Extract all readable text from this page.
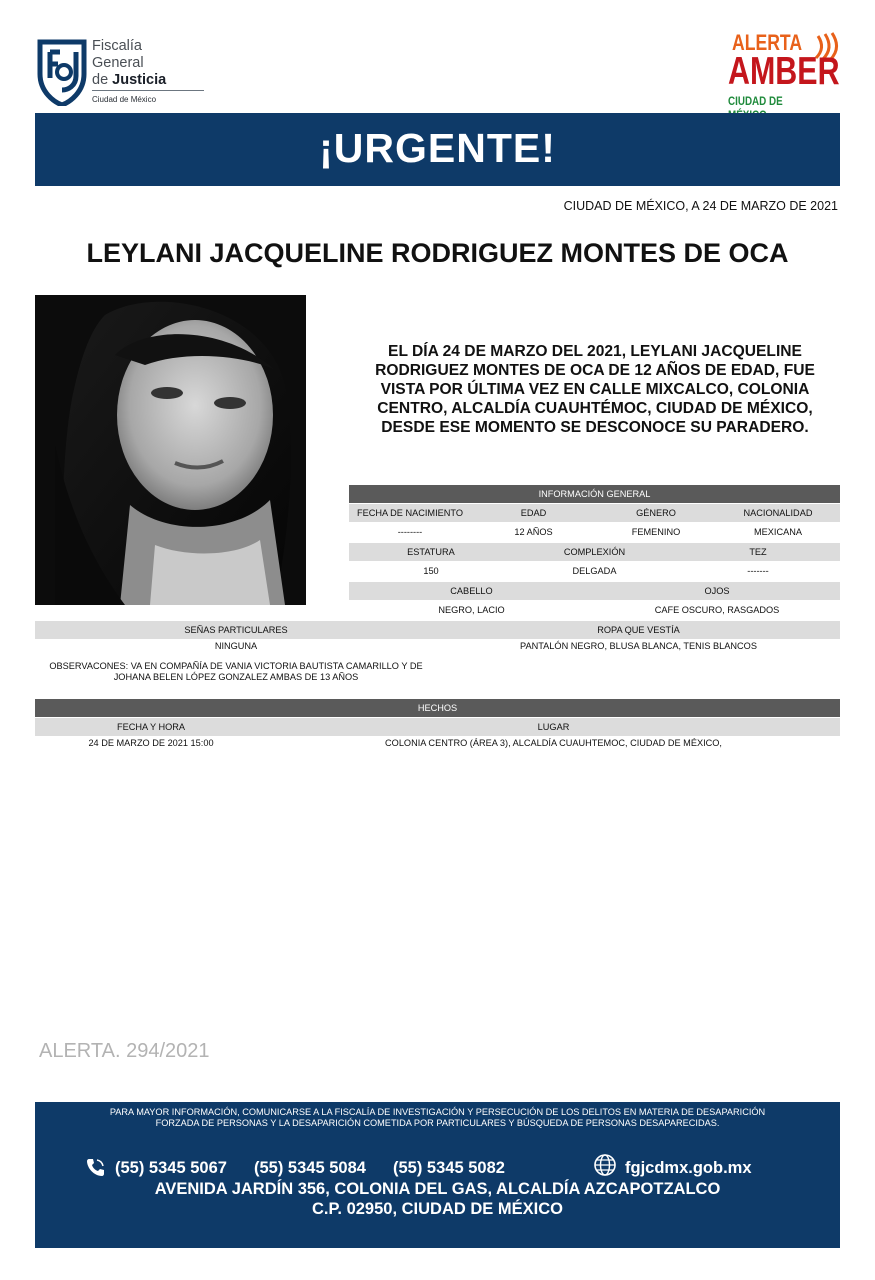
Fiscalía
General
de Justicia
Ciudad de México
ALERTA
AMBER
CIUDAD DE
¡URGENTE!
CIUDAD DE MÉXICO, A 24 DE MARZO DE 2021
LEYLANI JACQUELINE RODRIGUEZ MONTES DE OCA
EL DÍA 24 DE MARZO DEL 2021, LEYLANI JACQUELINE RODRIGUEZ MONTES DE OCA DE 12 AÑOS DE EDAD, FUE VISTA POR ÚLTIMA VEZ EN CALLE MIXCALCO, COLONIA CENTRO, ALCALDÍA CUAUHTÉMOC, CIUDAD DE MÉXICO, DESDE ESE MOMENTO SE DESCONOCE SU PARADERO.
INFORMACIÓN GENERAL
FECHA DE NACIMIENTO	EDAD	GÉNERO	NACIONALIDAD
--------	12 AÑOS	FEMENINO	MEXICANA
ESTATURA	COMPLEXIÓN	TEZ
150	DELGADA	-------
CABELLO	OJOS
NEGRO, LACIO	CAFE OSCURO, RASGADOS
SEÑAS PARTICULARES	ROPA QUE VESTÍA
NINGUNA	PANTALÓN NEGRO, BLUSA BLANCA, TENIS BLANCOS
OBSERVACONES: VA EN COMPAÑÍA DE VANIA VICTORIA BAUTISTA CAMARILLO Y DE
JOHANA BELEN LÓPEZ GONZALEZ AMBAS DE 13 AÑOS
HECHOS
FECHA Y HORA	LUGAR
24 DE MARZO DE 2021 15:00	COLONIA CENTRO (ÁREA 3), ALCALDÍA CUAUHTEMOC, CIUDAD DE MÉXICO,
ALERTA. 294/2021
PARA MAYOR INFORMACIÓN, COMUNICARSE A LA FISCALÍA DE INVESTIGACIÓN Y PERSECUCIÓN DE LOS DELITOS EN MATERIA DE DESAPARICIÓN
FORZADA DE PERSONAS Y LA DESAPARICIÓN COMETIDA POR PARTICULARES Y BÚSQUEDA DE PERSONAS DESAPARECIDAS.
(55) 5345 5067 (55) 5345 5084 (55) 5345 5082	fgjcdmx.gob.mx
AVENIDA JARDÍN 356, COLONIA DEL GAS, ALCALDÍA AZCAPOTZALCO
C.P. 02950, CIUDAD DE MÉXICO
